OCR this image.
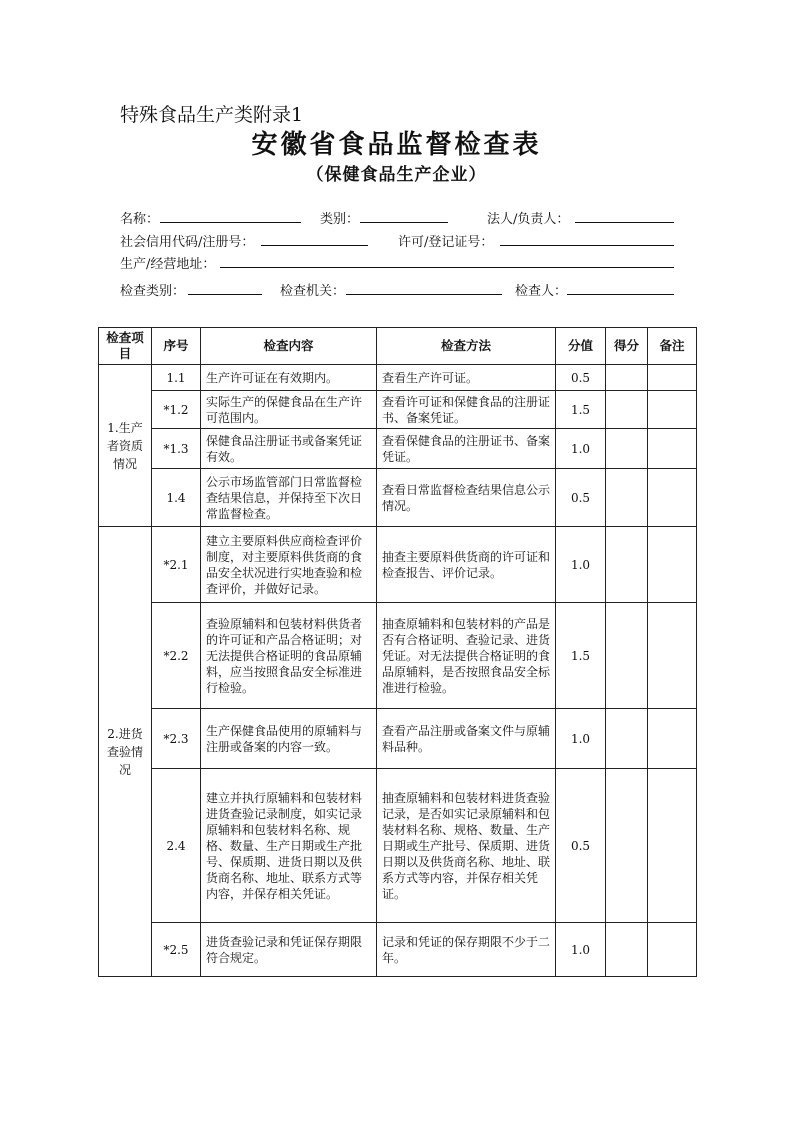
特殊食品生产类附录1
安徽省食品监督检查表
（保健食品生产企业）
名称：	类别：	法人/负责人：
社会信用代码/注册号：	许可/登记证号：
生产/经营地址：
检查类别：	检查机关：	检查人：
检查项目	序号	检查内容	检查方法	分值	得分	备注
1.生产者资质情况	1.1	生产许可证在有效期内。	查看生产许可证。	0.5		
	*1.2	实际生产的保健食品在生产许可范围内。	查看许可证和保健食品的注册证书、备案凭证。	1.5		
	*1.3	保健食品注册证书或备案凭证有效。	查看保健食品的注册证书、备案凭证。	1.0		
	1.4	公示市场监管部门日常监督检查结果信息，并保持至下次日常监督检查。	查看日常监督检查结果信息公示情况。	0.5		
2.进货查验情况	*2.1	建立主要原料供应商检查评价制度，对主要原料供货商的食品安全状况进行实地查验和检查评价，并做好记录。	抽查主要原料供货商的许可证和检查报告、评价记录。	1.0		
	*2.2	查验原辅料和包装材料供货者的许可证和产品合格证明；对无法提供合格证明的食品原辅料，应当按照食品安全标准进行检验。	抽查原辅料和包装材料的产品是否有合格证明、查验记录、进货凭证。对无法提供合格证明的食品原辅料，是否按照食品安全标准进行检验。	1.5		
	*2.3	生产保健食品使用的原辅料与注册或备案的内容一致。	查看产品注册或备案文件与原辅料品种。	1.0		
	2.4	建立并执行原辅料和包装材料进货查验记录制度，如实记录原辅料和包装材料名称、规格、数量、生产日期或生产批号、保质期、进货日期以及供货商名称、地址、联系方式等内容，并保存相关凭证。	抽查原辅料和包装材料进货查验记录，是否如实记录原辅料和包装材料名称、规格、数量、生产日期或生产批号、保质期、进货日期以及供货商名称、地址、联系方式等内容，并保存相关凭证。	0.5		
	*2.5	进货查验记录和凭证保存期限符合规定。	记录和凭证的保存期限不少于二年。	1.0		
